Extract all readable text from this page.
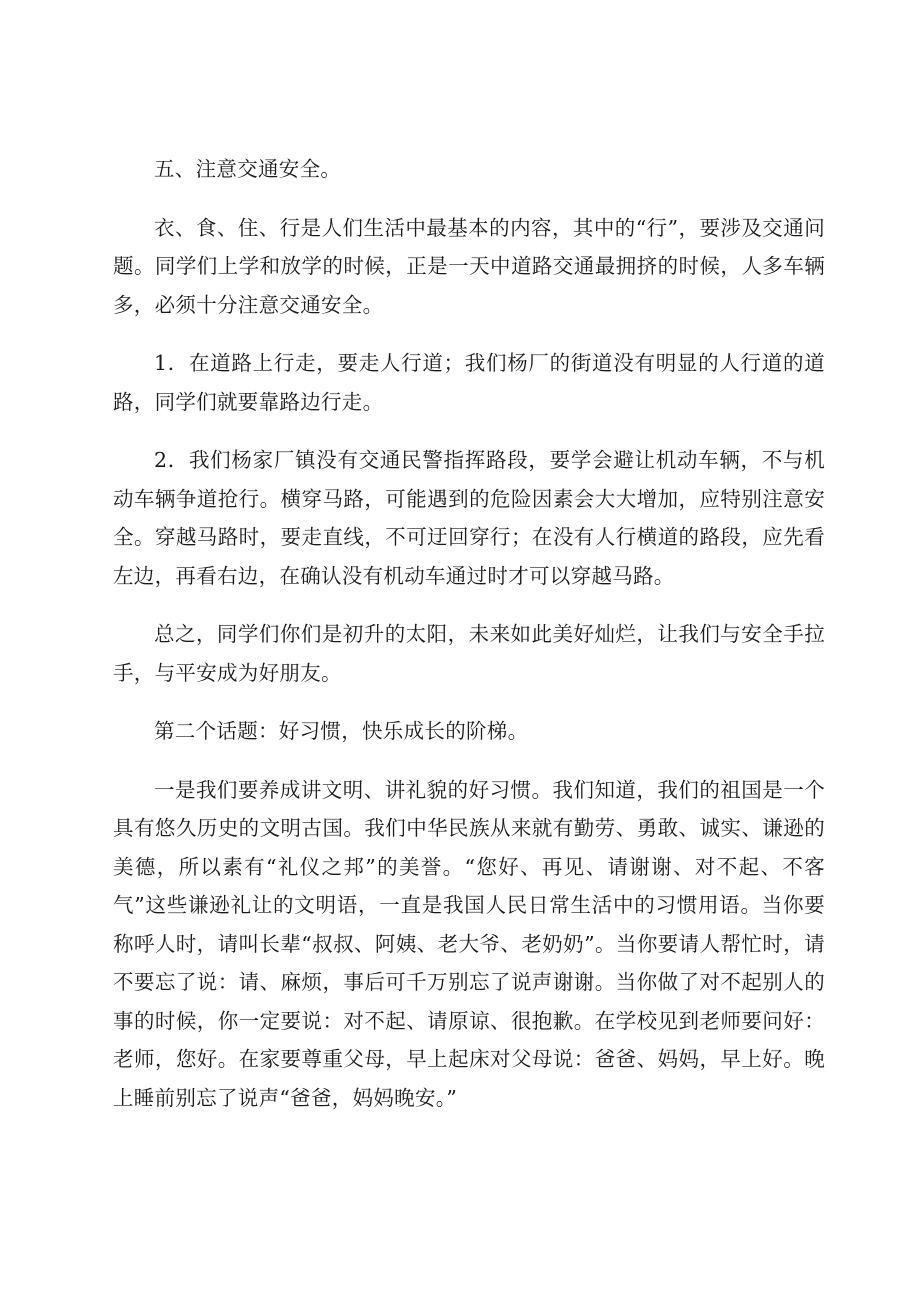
五、注意交通安全。

衣、食、住、行是人们生活中最基本的内容，其中的“行”，要涉及交通问题。同学们上学和放学的时候，正是一天中道路交通最拥挤的时候，人多车辆多，必须十分注意交通安全。

1．在道路上行走，要走人行道；我们杨厂的街道没有明显的人行道的道路，同学们就要靠路边行走。

2．我们杨家厂镇没有交通民警指挥路段，要学会避让机动车辆，不与机动车辆争道抢行。横穿马路，可能遇到的危险因素会大大增加，应特别注意安全。穿越马路时，要走直线，不可迂回穿行；在没有人行横道的路段，应先看左边，再看右边，在确认没有机动车通过时才可以穿越马路。

总之，同学们你们是初升的太阳，未来如此美好灿烂，让我们与安全手拉手，与平安成为好朋友。

第二个话题：好习惯，快乐成长的阶梯。

一是我们要养成讲文明、讲礼貌的好习惯。我们知道，我们的祖国是一个具有悠久历史的文明古国。我们中华民族从来就有勤劳、勇敢、诚实、谦逊的美德，所以素有“礼仪之邦”的美誉。“您好、再见、请谢谢、对不起、不客气”这些谦逊礼让的文明语，一直是我国人民日常生活中的习惯用语。当你要称呼人时，请叫长辈“叔叔、阿姨、老大爷、老奶奶”。当你要请人帮忙时，请不要忘了说：请、麻烦，事后可千万别忘了说声谢谢。当你做了对不起别人的事的时候，你一定要说：对不起、请原谅、很抱歉。在学校见到老师要问好：老师，您好。在家要尊重父母，早上起床对父母说：爸爸、妈妈，早上好。晚上睡前别忘了说声“爸爸，妈妈晚安。”
